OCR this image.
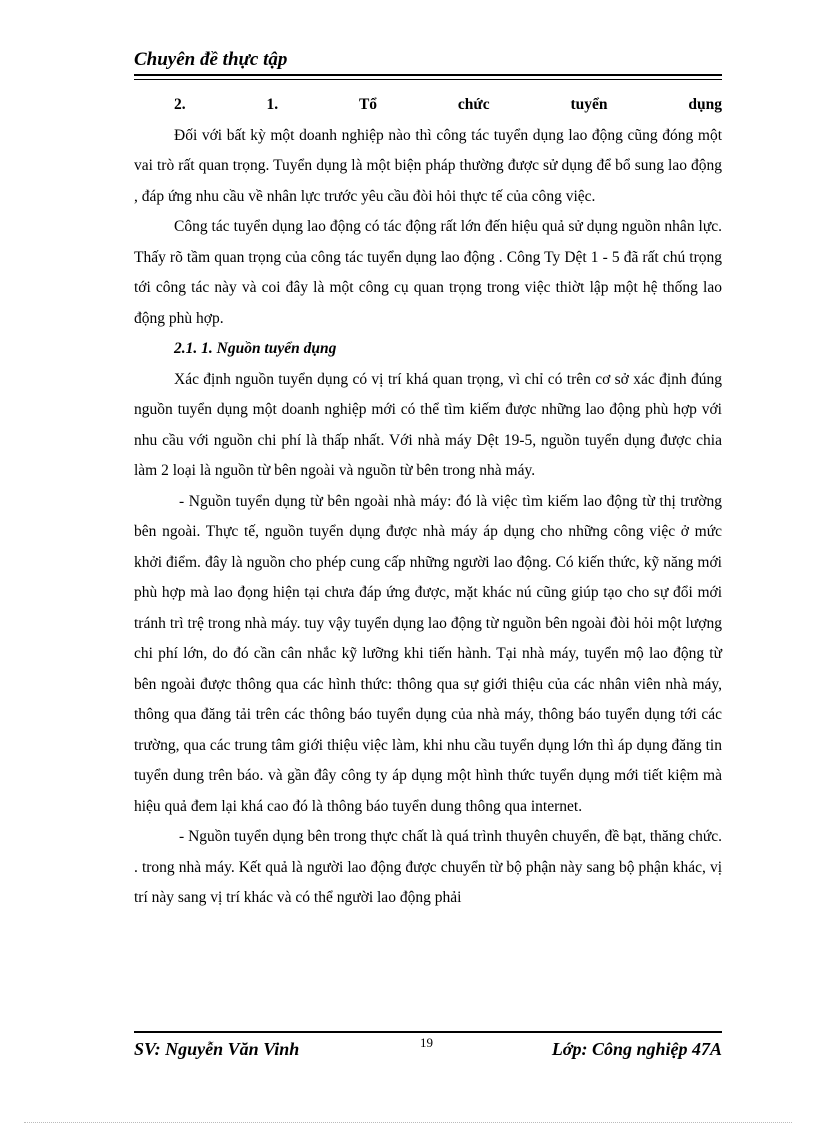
Chuyên đề thực tập

2.	1.	Tổ	chức	tuyển	dụng

Đối với bất kỳ một doanh nghiệp nào thì công tác tuyển dụng lao động cũng đóng một vai trò rất quan trọng. Tuyển dụng là một biện pháp thường được sử dụng để bổ sung lao động , đáp ứng nhu cầu về nhân lực trước yêu cầu đòi hỏi thực tế của công việc.

Công tác tuyển dụng lao động có tác động rất lớn đến hiệu quả sử dụng nguồn nhân lực. Thấy rõ tầm quan trọng của công tác tuyển dụng lao động . Công Ty Dệt 1 - 5 đã rất chú trọng tới công tác này và coi đây là một công cụ quan trọng trong việc thiờt lập một hệ thống lao động phù hợp.

2.1. 1. Nguồn tuyển dụng

Xác định nguồn tuyển dụng có vị trí khá quan trọng, vì chỉ có trên cơ sở xác định đúng nguồn tuyển dụng một doanh nghiệp mới có thể tìm kiếm được những lao động phù hợp với nhu cầu với nguồn chi phí là thấp nhất. Với nhà máy Dệt 19-5, nguồn tuyển dụng được chia làm 2 loại là nguồn từ bên ngoài và nguồn từ bên trong nhà máy.

- Nguồn tuyển dụng từ bên ngoài nhà máy: đó là việc tìm kiếm lao động từ thị trường bên ngoài. Thực tế, nguồn tuyển dụng được nhà máy áp dụng cho những công việc ở mức khởi điểm. đây là nguồn cho phép cung cấp những người lao động. Có kiến thức, kỹ năng mới phù hợp mà lao đọng hiện tại chưa đáp ứng được, mặt khác nú cũng giúp tạo cho sự đổi mới tránh trì trệ trong nhà máy. tuy vậy tuyển dụng lao động từ nguồn bên ngoài đòi hỏi một lượng chi phí lớn, do đó cần cân nhắc kỹ lưỡng khi tiến hành. Tại nhà máy, tuyển mộ lao động từ bên ngoài được thông qua các hình thức: thông qua sự giới thiệu của các nhân viên nhà máy, thông qua đăng tải trên các thông báo tuyển dụng của nhà máy, thông báo tuyển dụng tới các trường, qua các trung tâm giới thiệu việc làm, khi nhu cầu tuyển dụng lớn thì áp dụng đăng tin tuyển dung trên báo. và gần đây công ty áp dụng một hình thức tuyển dụng mới tiết kiệm mà hiệu quả đem lại khá cao đó là thông báo tuyển dung thông qua internet.

- Nguồn tuyển dụng bên trong thực chất là quá trình thuyên chuyển, đề bạt, thăng chức. . trong nhà máy. Kết quả là người lao động được chuyển từ bộ phận này sang bộ phận khác, vị trí này sang vị trí khác và có thể người lao động phải

SV: Nguyễn Văn Vinh	19	Lớp: Công nghiệp 47A
